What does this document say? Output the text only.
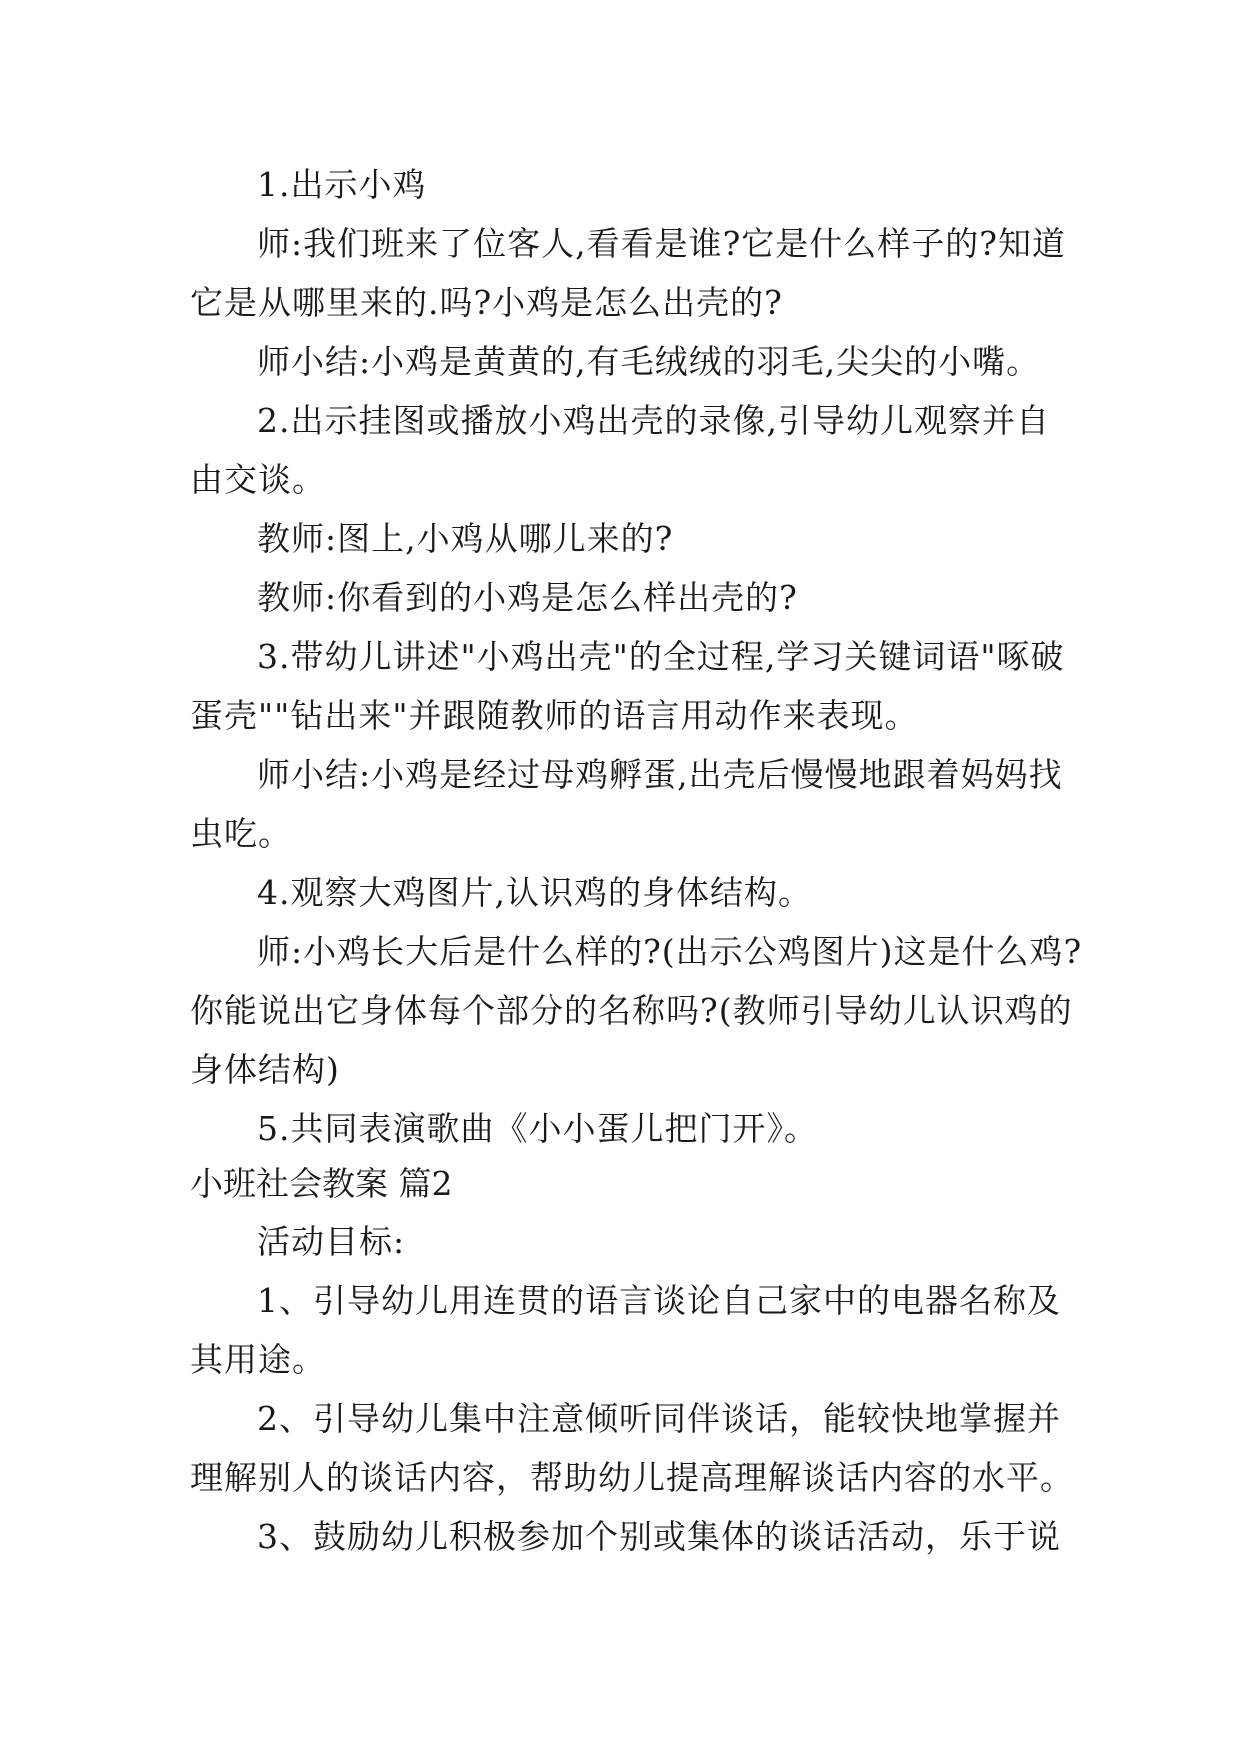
1.出示小鸡
师:我们班来了位客人,看看是谁?它是什么样子的?知道
它是从哪里来的.吗?小鸡是怎么出壳的?
师小结:小鸡是黄黄的,有毛绒绒的羽毛,尖尖的小嘴。
2.出示挂图或播放小鸡出壳的录像,引导幼儿观察并自
由交谈。
教师:图上,小鸡从哪儿来的?
教师:你看到的小鸡是怎么样出壳的?
3.带幼儿讲述"小鸡出壳"的全过程,学习关键词语"啄破
蛋壳""钻出来"并跟随教师的语言用动作来表现。
师小结:小鸡是经过母鸡孵蛋,出壳后慢慢地跟着妈妈找
虫吃。
4.观察大鸡图片,认识鸡的身体结构。
师:小鸡长大后是什么样的?(出示公鸡图片)这是什么鸡?
你能说出它身体每个部分的名称吗?(教师引导幼儿认识鸡的
身体结构)
5.共同表演歌曲《小小蛋儿把门开》。
小班社会教案 篇2
活动目标:
1、引导幼儿用连贯的语言谈论自己家中的电器名称及
其用途。
2、引导幼儿集中注意倾听同伴谈话，能较快地掌握并
理解别人的谈话内容，帮助幼儿提高理解谈话内容的水平。
3、鼓励幼儿积极参加个别或集体的谈话活动，乐于说
